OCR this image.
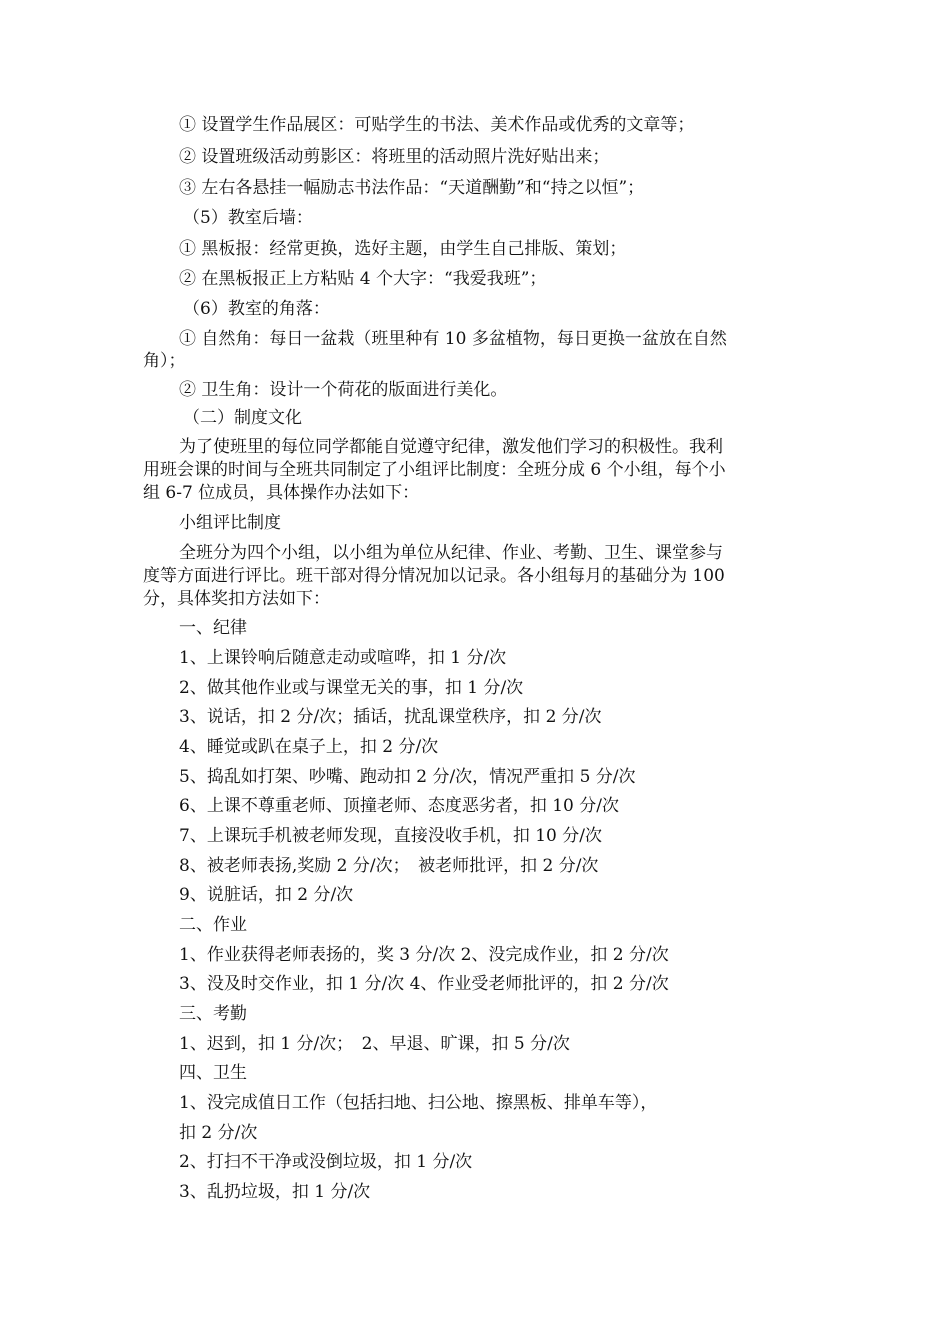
① 设置学生作品展区：可贴学生的书法、美术作品或优秀的文章等；
② 设置班级活动剪影区：将班里的活动照片洗好贴出来；
③ 左右各悬挂一幅励志书法作品：“天道酬勤”和“持之以恒”；
（5）教室后墙：
① 黑板报：经常更换，选好主题，由学生自己排版、策划；
② 在黑板报正上方粘贴 4 个大字：“我爱我班”；
（6）教室的角落：
① 自然角：每日一盆栽（班里种有 10 多盆植物，每日更换一盆放在自然
角）；
② 卫生角：设计一个荷花的版面进行美化。
（二）制度文化
为了使班里的每位同学都能自觉遵守纪律，激发他们学习的积极性。我利
用班会课的时间与全班共同制定了小组评比制度：全班分成 6 个小组，每个小
组 6-7 位成员，具体操作办法如下：
小组评比制度
全班分为四个小组，以小组为单位从纪律、作业、考勤、卫生、课堂参与
度等方面进行评比。班干部对得分情况加以记录。各小组每月的基础分为 100
分，具体奖扣方法如下：
一、纪律
1、上课铃响后随意走动或喧哗，扣 1 分/次
2、做其他作业或与课堂无关的事，扣 1 分/次
3、说话，扣 2 分/次；插话，扰乱课堂秩序，扣 2 分/次
4、睡觉或趴在桌子上，扣 2 分/次
5、捣乱如打架、吵嘴、跑动扣 2 分/次，情况严重扣 5 分/次
6、上课不尊重老师、顶撞老师、态度恶劣者，扣 10 分/次
7、上课玩手机被老师发现，直接没收手机，扣 10 分/次
8、被老师表扬,奖励 2 分/次；　被老师批评，扣 2 分/次
9、说脏话，扣 2 分/次
二、作业
1、作业获得老师表扬的，奖 3 分/次 2、没完成作业，扣 2 分/次
3、没及时交作业，扣 1 分/次 4、作业受老师批评的，扣 2 分/次
三、考勤
1、迟到，扣 1 分/次；　2、早退、旷课，扣 5 分/次
四、卫生
1、没完成值日工作（包括扫地、扫公地、擦黑板、排单车等），
扣 2 分/次
2、打扫不干净或没倒垃圾，扣 1 分/次
3、乱扔垃圾，扣 1 分/次
